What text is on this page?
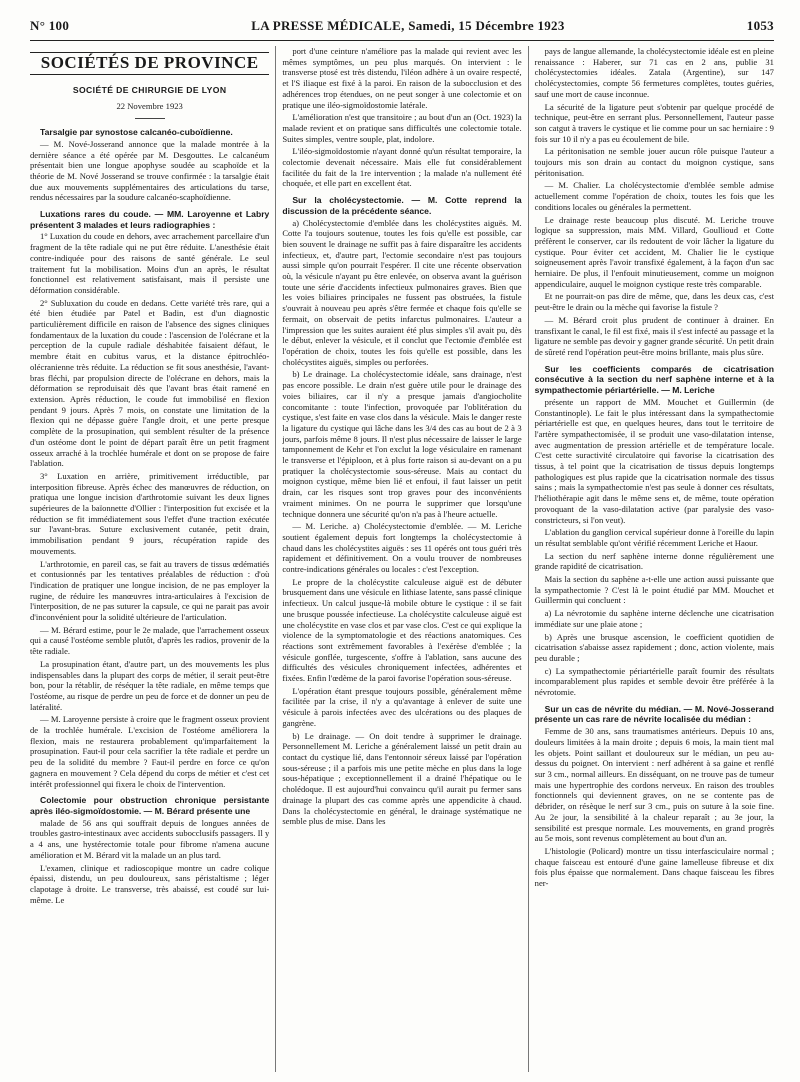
N° 100	LA PRESSE MÉDICALE, Samedi, 15 Décembre 1923	1053
SOCIÉTÉS DE PROVINCE
SOCIÉTÉ DE CHIRURGIE DE LYON
22 Novembre 1923
Tarsalgie par synostose calcanéo-cuboïdienne.

— M. Nové-Josserand annonce que la malade montrée à la dernière séance a été opérée par M. Desgouttes. Le calcanéum présentait bien une longue apophyse soudée au scaphoïde et la théorie de M. Nové Josserand se trouve confirmée : la tarsalgie était due aux mouvements supplémentaires des articulations du tarse, rendus nécessaires par la soudure calcanéo-scaphoïdienne.

Luxations rares du coude. — MM. Laroyenne et Labry présentent 3 malades et leurs radiographies :

1° Luxation du coude en dehors, avec arrachement parcellaire d'un fragment de la tête radiale qui ne put être réduite. L'anesthésie était contre-indiquée pour des raisons de santé générale. Le seul traitement fut la mobilisation. Moins d'un an après, le résultat fonctionnel est relativement satisfaisant, mais il persiste une déformation considérable.

2° Subluxation du coude en dedans. Cette variété très rare, qui a été bien étudiée par Patel et Badin, est d'un diagnostic particulièrement difficile en raison de l'absence des signes cliniques fondamentaux de la luxation du coude : l'ascension de l'olécrane et la perception de la cupule radiale déshabitée faisaient défaut, le membre était en cubitus varus, et la distance épitrochléo-olécranienne très réduite. La réduction se fit sous anesthésie, l'avant-bras fléchi, par propulsion directe de l'olécrane en dehors, mais la déformation se reproduisait dès que l'avant bras était ramené en extension. Après réduction, le coude fut immobilisé en flexion pendant 9 jours. Après 7 mois, on constate une limitation de la flexion qui ne dépasse guère l'angle droit, et une perte presque complète de la prosupination, qui semblent résulter de la présence d'un ostéome dont le point de départ paraît être un petit fragment osseux arraché à la trochlée humérale et dont on se propose de faire l'ablation.

3° Luxation en arrière, primitivement irréductible, par interposition fibreuse. Après échec des manœuvres de réduction, on pratiqua une longue incision d'arthrotomie suivant les deux lignes supérieures de la baïonnette d'Ollier : l'interposition fut excisée et la réduction se fit immédiatement sous l'effet d'une traction exécutée sur l'avant-bras. Suture exclusivement cutanée, petit drain, immobilisation pendant 9 jours, récupération rapide des mouvements.

L'arthrotomie, en pareil cas, se fait au travers de tissus œdématiés et contusionnés par les tentatives préalables de réduction : d'où l'indication de pratiquer une longue incision, de ne pas employer la rugine, de réduire les manœuvres intra-articulaires à l'excision de l'interposition, de ne pas suturer la capsule, ce qui ne parait pas avoir d'inconvénient pour la solidité ultérieure de l'articulation.

— M. Bérard estime, pour le 2e malade, que l'arrachement osseux qui a causé l'ostéome semble plutôt, d'après les radios, provenir de la tête radiale.

La prosupination étant, d'autre part, un des mouvements les plus indispensables dans la plupart des corps de métier, il serait peut-être bon, pour la rétablir, de réséquer la tête radiale, en même temps que l'ostéome, au risque de perdre un peu de force et de donner un peu de latéralité.

— M. Laroyenne persiste à croire que le fragment osseux provient de la trochlée humérale. L'excision de l'ostéome améliorera la flexion, mais ne restaurera probablement qu'imparfaitement la prosupination. Faut-il pour cela sacrifier la tête radiale et perdre un peu de la solidité du membre ? Faut-il perdre en force ce qu'on gagnera en mouvement ? Cela dépend du corps de métier et c'est cet intérêt professionnel qui fixera le choix de l'intervention.

Colectomie pour obstruction chronique persistante après iléo-sigmoïdostomie. — M. Bérard présente une

malade de 56 ans qui souffrait depuis de longues années de troubles gastro-intestinaux avec accidents subocclusifs passagers. Il y a 4 ans, une hystérectomie totale pour fibrome n'amena aucune amélioration et M. Bérard vit la malade un an plus tard.

L'examen, clinique et radioscopique montre un cadre colique épaissi, distendu, un peu douloureux, sans péristaltisme ; léger clapotage à droite. Le transverse, très abaissé, est coudé sur lui-même. Le

port d'une ceinture n'améliore pas la malade qui revient avec les mêmes symptômes, un peu plus marqués. On intervient : le transverse ptosé est très distendu, l'iléon adhère à un ovaire respecté, et l'S iliaque est fixé à la paroi. En raison de la subocclusion et des adhérences trop étendues, on ne peut songer à une colectomie et on pratique une iléo-sigmoïdostomie latérale.

L'amélioration n'est que transitoire ; au bout d'un an (Oct. 1923) la malade revient et on pratique sans difficultés une colectomie totale. Suites simples, ventre souple, plat, indolore.

L'iléo-sigmoïdostomie n'ayant donné qu'un résultat temporaire, la colectomie devenait nécessaire. Mais elle fut considérablement facilitée du fait de la 1re intervention ; la malade n'a nullement été choquée, et elle part en excellent état.

Sur la cholécystectomie. — M. Cotte reprend la discussion de la précédente séance.

a) Cholécystectomie d'emblée dans les cholécystites aiguës. M. Cotte l'a toujours soutenue, toutes les fois qu'elle est possible, car bien souvent le drainage ne suffit pas à faire disparaître les accidents infectieux, et, d'autre part, l'ectomie secondaire n'est pas toujours aussi simple qu'on pourrait l'espérer. Il cite une récente observation où, la vésicule n'ayant pu être enlevée, on observa avant la guérison toute une série d'accidents infectieux pulmonaires graves. Bien que les voies biliaires principales ne fussent pas obstruées, la fistule s'ouvrait à nouveau peu après s'être fermée et chaque fois qu'elle se fermait, on observait de petits infarctus pulmonaires. L'auteur a l'impression que les suites auraient été plus simples s'il avait pu, dès le début, enlever la vésicule, et il conclut que l'ectomie d'emblée est l'opération de choix, toutes les fois qu'elle est possible, dans les cholécystites aiguës, simples ou perforées.

b) Le drainage. La cholécystectomie idéale, sans drainage, n'est pas encore possible. Le drain n'est guère utile pour le drainage des voies biliaires, car il n'y a presque jamais d'angiocholite concomitante : toute l'infection, provoquée par l'oblitération du cystique, s'est faite en vase clos dans la vésicule. Mais le danger reste la ligature du cystique qui lâche dans les 3/4 des cas au bout de 2 à 3 jours, parfois même 8 jours. Il n'est plus nécessaire de laisser le large tamponnement de Kehr et l'on exclut la loge vésiculaire en ramenant le transverse et l'épiploon, et à plus forte raison si au-devant on a pu pratiquer la cholécystectomie sous-séreuse. Mais au contact du moignon cystique, même bien lié et enfoui, il faut laisser un petit drain, car les risques sont trop graves pour des inconvénients vraiment minimes. On ne pourra le supprimer que lorsqu'une technique donnera une sécurité qu'on n'a pas à l'heure actuelle.

— M. Leriche. a) Cholécystectomie d'emblée. — M. Leriche soutient également depuis fort longtemps la cholécystectomie à chaud dans les cholécystites aiguës : ses 11 opérés ont tous guéri très rapidement et définitivement. On a voulu trouver de nombreuses contre-indications générales ou locales : c'est l'exception.

Le propre de la cholécystite calculeuse aiguë est de débuter brusquement dans une vésicule en lithiase latente, sans passé clinique infectieux. Un calcul jusque-là mobile obture le cystique : il se fait une brusque poussée infectieuse. La cholécystite calculeuse aiguë est une cholécystite en vase clos et par vase clos. C'est ce qui explique la violence de la symptomatologie et des réactions anatomiques. Ces réactions sont extrêmement favorables à l'exérèse d'emblée ; la vésicule gonflée, turgescente, s'offre à l'ablation, sans aucune des difficultés des vésicules chroniquement infectées, adhérentes et fixées. Enfin l'œdème de la paroi favorise l'opération sous-séreuse.

L'opération étant presque toujours possible, généralement même facilitée par la crise, il n'y a qu'avantage à enlever de suite une vésicule à parois infectées avec des ulcérations ou des plaques de gangrène.

b) Le drainage. — On doit tendre à supprimer le drainage. Personnellement M. Leriche a généralement laissé un petit drain au contact du cystique lié, dans l'entonnoir séreux laissé par l'opération sous-séreuse ; il a parfois mis une petite mèche en plus dans la loge sous-hépatique ; exceptionnellement il a drainé l'hépatique ou le cholédoque. Il est aujourd'hui convaincu qu'il aurait pu fermer sans drainage la plupart des cas comme après une appendicite à chaud. Dans la cholécystectomie en général, le drainage systématique ne semble plus de mise. Dans les

pays de langue allemande, la cholécystectomie idéale est en pleine renaissance : Haberer, sur 71 cas en 2 ans, publie 31 cholécystectomies idéales. Zatala (Argentine), sur 147 cholécystectomies, compte 56 fermetures complètes, toutes guéries, sauf une mort de cause inconnue.

La sécurité de la ligature peut s'obtenir par quelque procédé de technique, peut-être en serrant plus. Personnellement, l'auteur passe son catgut à travers le cystique et lie comme pour un sac herniaire : 9 fois sur 10 il n'y a pas eu écoulement de bile.

La péritonisation ne semble jouer aucun rôle puisque l'auteur a toujours mis son drain au contact du moignon cystique, sans péritonisation.

— M. Chalier. La cholécystectomie d'emblée semble admise actuellement comme l'opération de choix, toutes les fois que les conditions locales ou générales la permettent.

Le drainage reste beaucoup plus discuté. M. Leriche trouve logique sa suppression, mais MM. Villard, Goullioud et Cotte préfèrent le conserver, car ils redoutent de voir lâcher la ligature du cystique. Pour éviter cet accident, M. Chalier lie le cystique soigneusement après l'avoir transfixé également, à la façon d'un sac herniaire. De plus, il l'enfouit minutieusement, comme un moignon appendiculaire, auquel le moignon cystique reste très comparable.

Et ne pourrait-on pas dire de même, que, dans les deux cas, c'est peut-être le drain ou la mèche qui favorise la fistule ?

— M. Bérard croit plus prudent de continuer à drainer. En transfixant le canal, le fil est fixé, mais il s'est infecté au passage et la ligature ne semble pas devoir y gagner grande sécurité. Un petit drain de sûreté rend l'opération peut-être moins brillante, mais plus sûre.

Sur les coefficients comparés de cicatrisation consécutive à la section du nerf saphène interne et à la sympathectomie périartérielle. — M. Leriche

présente un rapport de MM. Mouchet et Guillermin (de Constantinople). Le fait le plus intéressant dans la sympathectomie périartérielle est que, en quelques heures, dans tout le territoire de l'artère sympathectomisée, il se produit une vaso-dilatation intense, avec augmentation de pression artérielle et de température locale. C'est cette suractivité circulatoire qui favorise la cicatrisation des tissus, à tel point que la cicatrisation de tissus depuis longtemps pathologiques est plus rapide que la cicatrisation normale des tissus sains ; mais la sympathectomie n'est pas seule à donner ces résultats, l'héliothérapie agit dans le même sens et, de même, toute opération provoquant de la vaso-dilatation active (par paralysie des vaso-constricteurs, si l'on veut).

L'ablation du ganglion cervical supérieur donne à l'oreille du lapin un résultat semblable qu'ont vérifié récemment Leriche et Haour.

La section du nerf saphène interne donne régulièrement une grande rapidité de cicatrisation.

Mais la section du saphène a-t-elle une action aussi puissante que la sympathectomie ? C'est là le point étudié par MM. Mouchet et Guillermin qui concluent :

a) La névrotomie du saphène interne déclenche une cicatrisation immédiate sur une plaie atone ;

b) Après une brusque ascension, le coefficient quotidien de cicatrisation s'abaisse assez rapidement ; donc, action violente, mais peu durable ;

c) La sympathectomie périartérielle paraît fournir des résultats incomparablement plus rapides et semble devoir être préférée à la névrotomie.

Sur un cas de névrite du médian. — M. Nové-Josserand présente un cas rare de névrite localisée du médian :

Femme de 30 ans, sans traumatismes antérieurs. Depuis 10 ans, douleurs limitées à la main droite ; depuis 6 mois, la main tient mal les objets. Point saillant et douloureux sur le médian, un peu au-dessus du poignet. On intervient : nerf adhérent à sa gaine et renflé sur 3 cm., normal ailleurs. En disséquant, on ne trouve pas de tumeur mais une hypertrophie des cordons nerveux. En raison des troubles fonctionnels qui deviennent graves, on ne se contente pas de débrider, on résèque le nerf sur 3 cm., puis on suture à la soie fine. Au 2e jour, la sensibilité à la chaleur reparaît ; au 3e jour, la sensibilité est presque normale. Les mouvements, en grand progrès au 5e mois, sont revenus complètement au bout d'un an.

L'histologie (Policard) montre un tissu interfasciculaire normal ; chaque faisceau est entouré d'une gaine lamelleuse fibreuse et dix fois plus épaisse que normalement. Dans chaque faisceau les fibres ner-
